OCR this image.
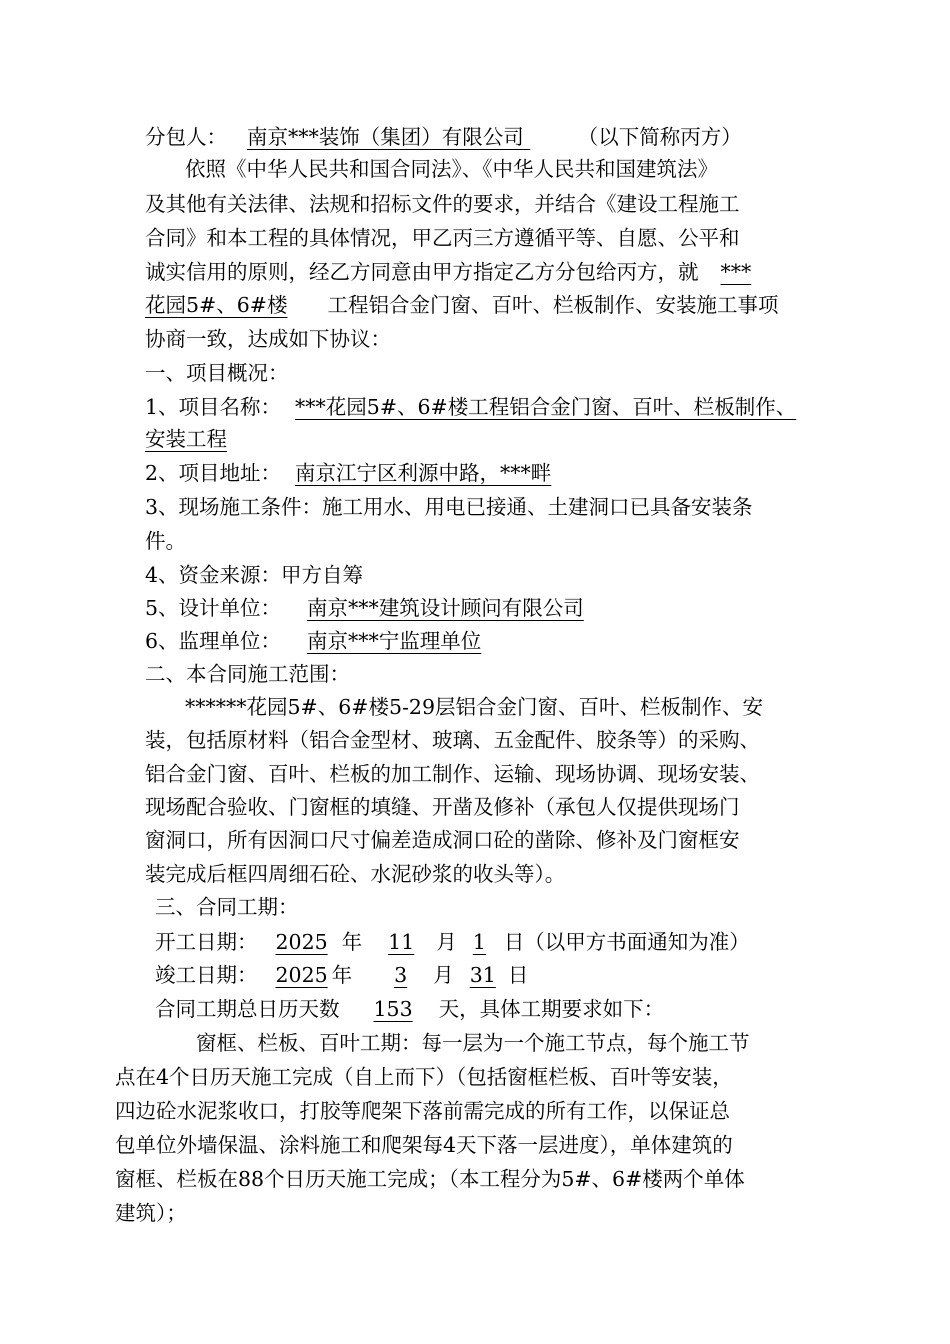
分包人： 南京***装饰（集团）有限公司	（以下简称丙方）
依照《中华人民共和国合同法》、《中华人民共和国建筑法》
及其他有关法律、法规和招标文件的要求，并结合《建设工程施工
合同》和本工程的具体情况，甲乙丙三方遵循平等、自愿、公平和
诚实信用的原则，经乙方同意由甲方指定乙方分包给丙方，就 ***
花园5#、6#楼 工程铝合金门窗、百叶、栏板制作、安装施工事项
协商一致，达成如下协议：
一、项目概况：
1、项目名称： ***花园5#、6#楼工程铝合金门窗、百叶、栏板制作、
安装工程
2、项目地址： 南京江宁区利源中路，***畔
3、现场施工条件：施工用水、用电已接通、土建洞口已具备安装条
件。
4、资金来源：甲方自筹
5、设计单位： 南京***建筑设计顾问有限公司
6、监理单位： 南京***宁监理单位
二、本合同施工范围：
******花园5#、6#楼5-29层铝合金门窗、百叶、栏板制作、安
装，包括原材料（铝合金型材、玻璃、五金配件、胶条等）的采购、
铝合金门窗、百叶、栏板的加工制作、运输、现场协调、现场安装、
现场配合验收、门窗框的填缝、开凿及修补（承包人仅提供现场门
窗洞口，所有因洞口尺寸偏差造成洞口砼的凿除、修补及门窗框安
装完成后框四周细石砼、水泥砂浆的收头等）。
三、合同工期：
开工日期： 2025 年 11 月 1 日（以甲方书面通知为准）
竣工日期： 2025 年 3 月 31 日
合同工期总日历天数 153 天，具体工期要求如下：
窗框、栏板、百叶工期：每一层为一个施工节点，每个施工节
点在4个日历天施工完成（自上而下）（包括窗框栏板、百叶等安装，
四边砼水泥浆收口，打胶等爬架下落前需完成的所有工作，以保证总
包单位外墙保温、涂料施工和爬架每4天下落一层进度），单体建筑的
窗框、栏板在88个日历天施工完成；（本工程分为5#、6#楼两个单体
建筑）；
